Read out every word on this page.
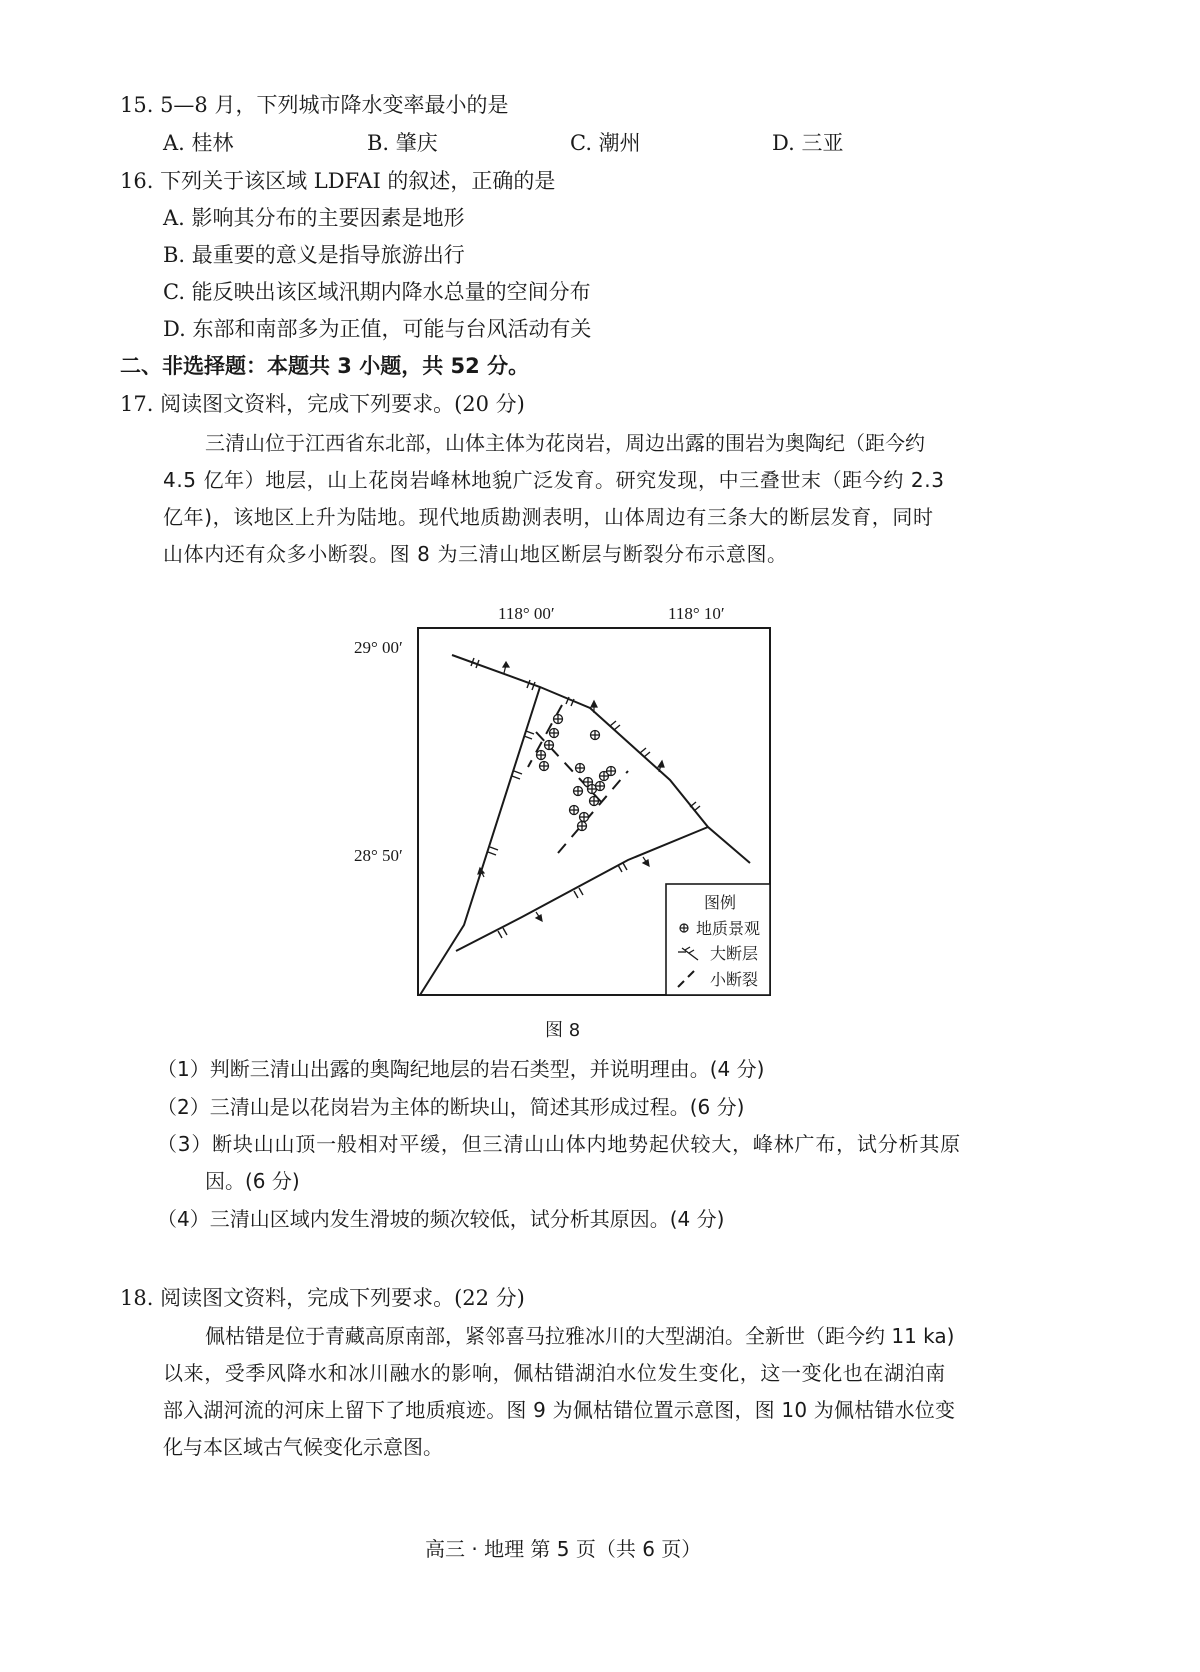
15. 5—8 月，下列城市降水变率最小的是
A. 桂林	B. 肇庆	C. 潮州	D. 三亚
16. 下列关于该区域 LDFAI 的叙述，正确的是
A. 影响其分布的主要因素是地形
B. 最重要的意义是指导旅游出行
C. 能反映出该区域汛期内降水总量的空间分布
D. 东部和南部多为正值，可能与台风活动有关
二、非选择题：本题共 3 小题，共 52 分。
17. 阅读图文资料，完成下列要求。(20 分)
三清山位于江西省东北部，山体主体为花岗岩，周边出露的围岩为奥陶纪（距今约
4.5 亿年）地层，山上花岗岩峰林地貌广泛发育。研究发现，中三叠世末（距今约 2.3
亿年)，该地区上升为陆地。现代地质勘测表明，山体周边有三条大的断层发育，同时
山体内还有众多小断裂。图 8 为三清山地区断层与断裂分布示意图。
118° 00′	118° 10′
29° 00′
28° 50′
图例
地质景观
大断层
小断裂
图 8
（1）判断三清山出露的奥陶纪地层的岩石类型，并说明理由。(4 分)
（2）三清山是以花岗岩为主体的断块山，简述其形成过程。(6 分)
（3）断块山山顶一般相对平缓，但三清山山体内地势起伏较大，峰林广布，试分析其原
因。(6 分)
（4）三清山区域内发生滑坡的频次较低，试分析其原因。(4 分)
18. 阅读图文资料，完成下列要求。(22 分)
佩枯错是位于青藏高原南部，紧邻喜马拉雅冰川的大型湖泊。全新世（距今约 11 ka)
以来，受季风降水和冰川融水的影响，佩枯错湖泊水位发生变化，这一变化也在湖泊南
部入湖河流的河床上留下了地质痕迹。图 9 为佩枯错位置示意图，图 10 为佩枯错水位变
化与本区域古气候变化示意图。
高三 · 地理 第 5 页（共 6 页）
